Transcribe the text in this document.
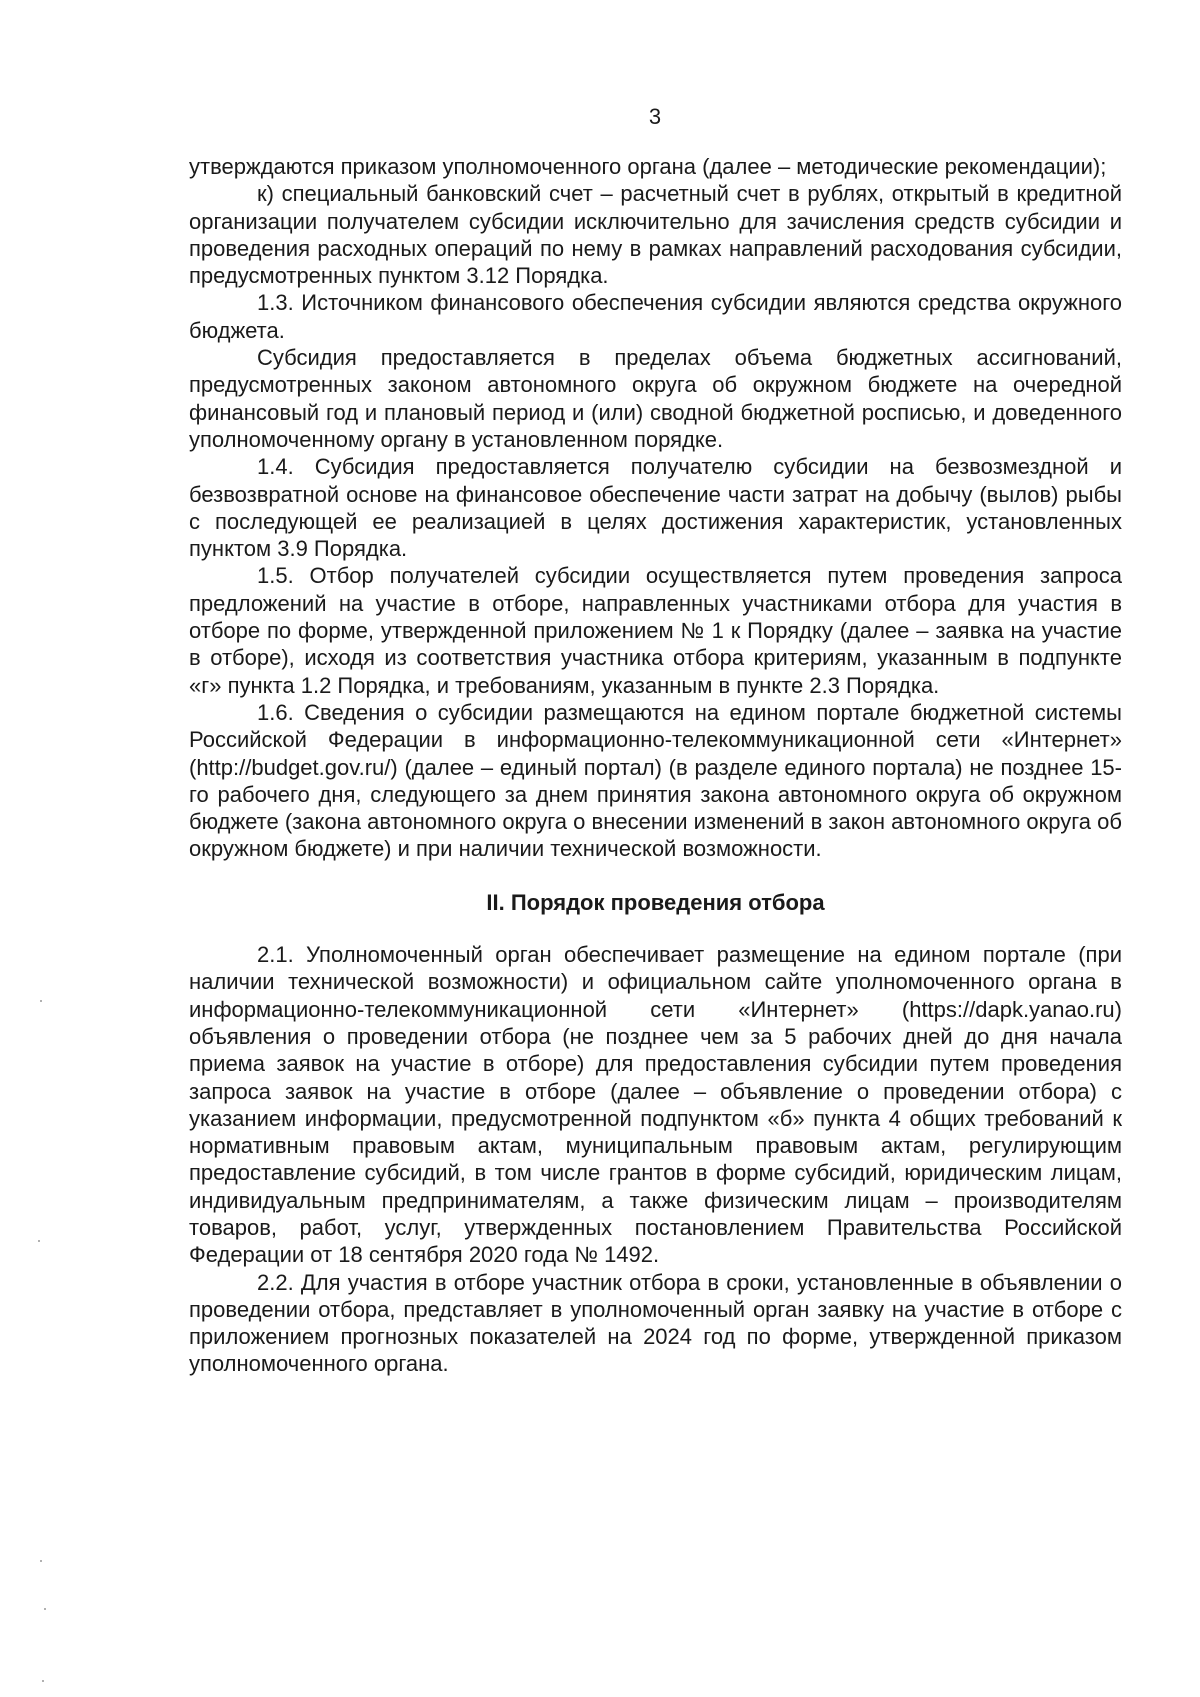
3

утверждаются приказом уполномоченного органа (далее – методические рекомендации);

к) специальный банковский счет – расчетный счет в рублях, открытый в кредитной организации получателем субсидии исключительно для зачисления средств субсидии и проведения расходных операций по нему в рамках направлений расходования субсидии, предусмотренных пунктом 3.12 Порядка.

1.3. Источником финансового обеспечения субсидии являются средства окружного бюджета.

Субсидия предоставляется в пределах объема бюджетных ассигнований, предусмотренных законом автономного округа об окружном бюджете на очередной финансовый год и плановый период и (или) сводной бюджетной росписью, и доведенного уполномоченному органу в установленном порядке.

1.4. Субсидия предоставляется получателю субсидии на безвозмездной и безвозвратной основе на финансовое обеспечение части затрат на добычу (вылов) рыбы с последующей ее реализацией в целях достижения характеристик, установленных пунктом 3.9 Порядка.

1.5. Отбор получателей субсидии осуществляется путем проведения запроса предложений на участие в отборе, направленных участниками отбора для участия в отборе по форме, утвержденной приложением № 1 к Порядку (далее – заявка на участие в отборе), исходя из соответствия участника отбора критериям, указанным в подпункте «г» пункта 1.2 Порядка, и требованиям, указанным в пункте 2.3 Порядка.

1.6. Сведения о субсидии размещаются на едином портале бюджетной системы Российской Федерации в информационно-телекоммуникационной сети «Интернет» (http://budget.gov.ru/) (далее – единый портал) (в разделе единого портала) не позднее 15-го рабочего дня, следующего за днем принятия закона автономного округа об окружном бюджете (закона автономного округа о внесении изменений в закон автономного округа об окружном бюджете) и при наличии технической возможности.

II. Порядок проведения отбора

2.1. Уполномоченный орган обеспечивает размещение на едином портале (при наличии технической возможности) и официальном сайте уполномоченного органа в информационно-телекоммуникационной сети «Интернет» (https://dapk.yanao.ru) объявления о проведении отбора (не позднее чем за 5 рабочих дней до дня начала приема заявок на участие в отборе) для предоставления субсидии путем проведения запроса заявок на участие в отборе (далее – объявление о проведении отбора) с указанием информации, предусмотренной подпунктом «б» пункта 4 общих требований к нормативным правовым актам, муниципальным правовым актам, регулирующим предоставление субсидий, в том числе грантов в форме субсидий, юридическим лицам, индивидуальным предпринимателям, а также физическим лицам – производителям товаров, работ, услуг, утвержденных постановлением Правительства Российской Федерации от 18 сентября 2020 года № 1492.

2.2. Для участия в отборе участник отбора в сроки, установленные в объявлении о проведении отбора, представляет в уполномоченный орган заявку на участие в отборе с приложением прогнозных показателей на 2024 год по форме, утвержденной приказом уполномоченного органа.
